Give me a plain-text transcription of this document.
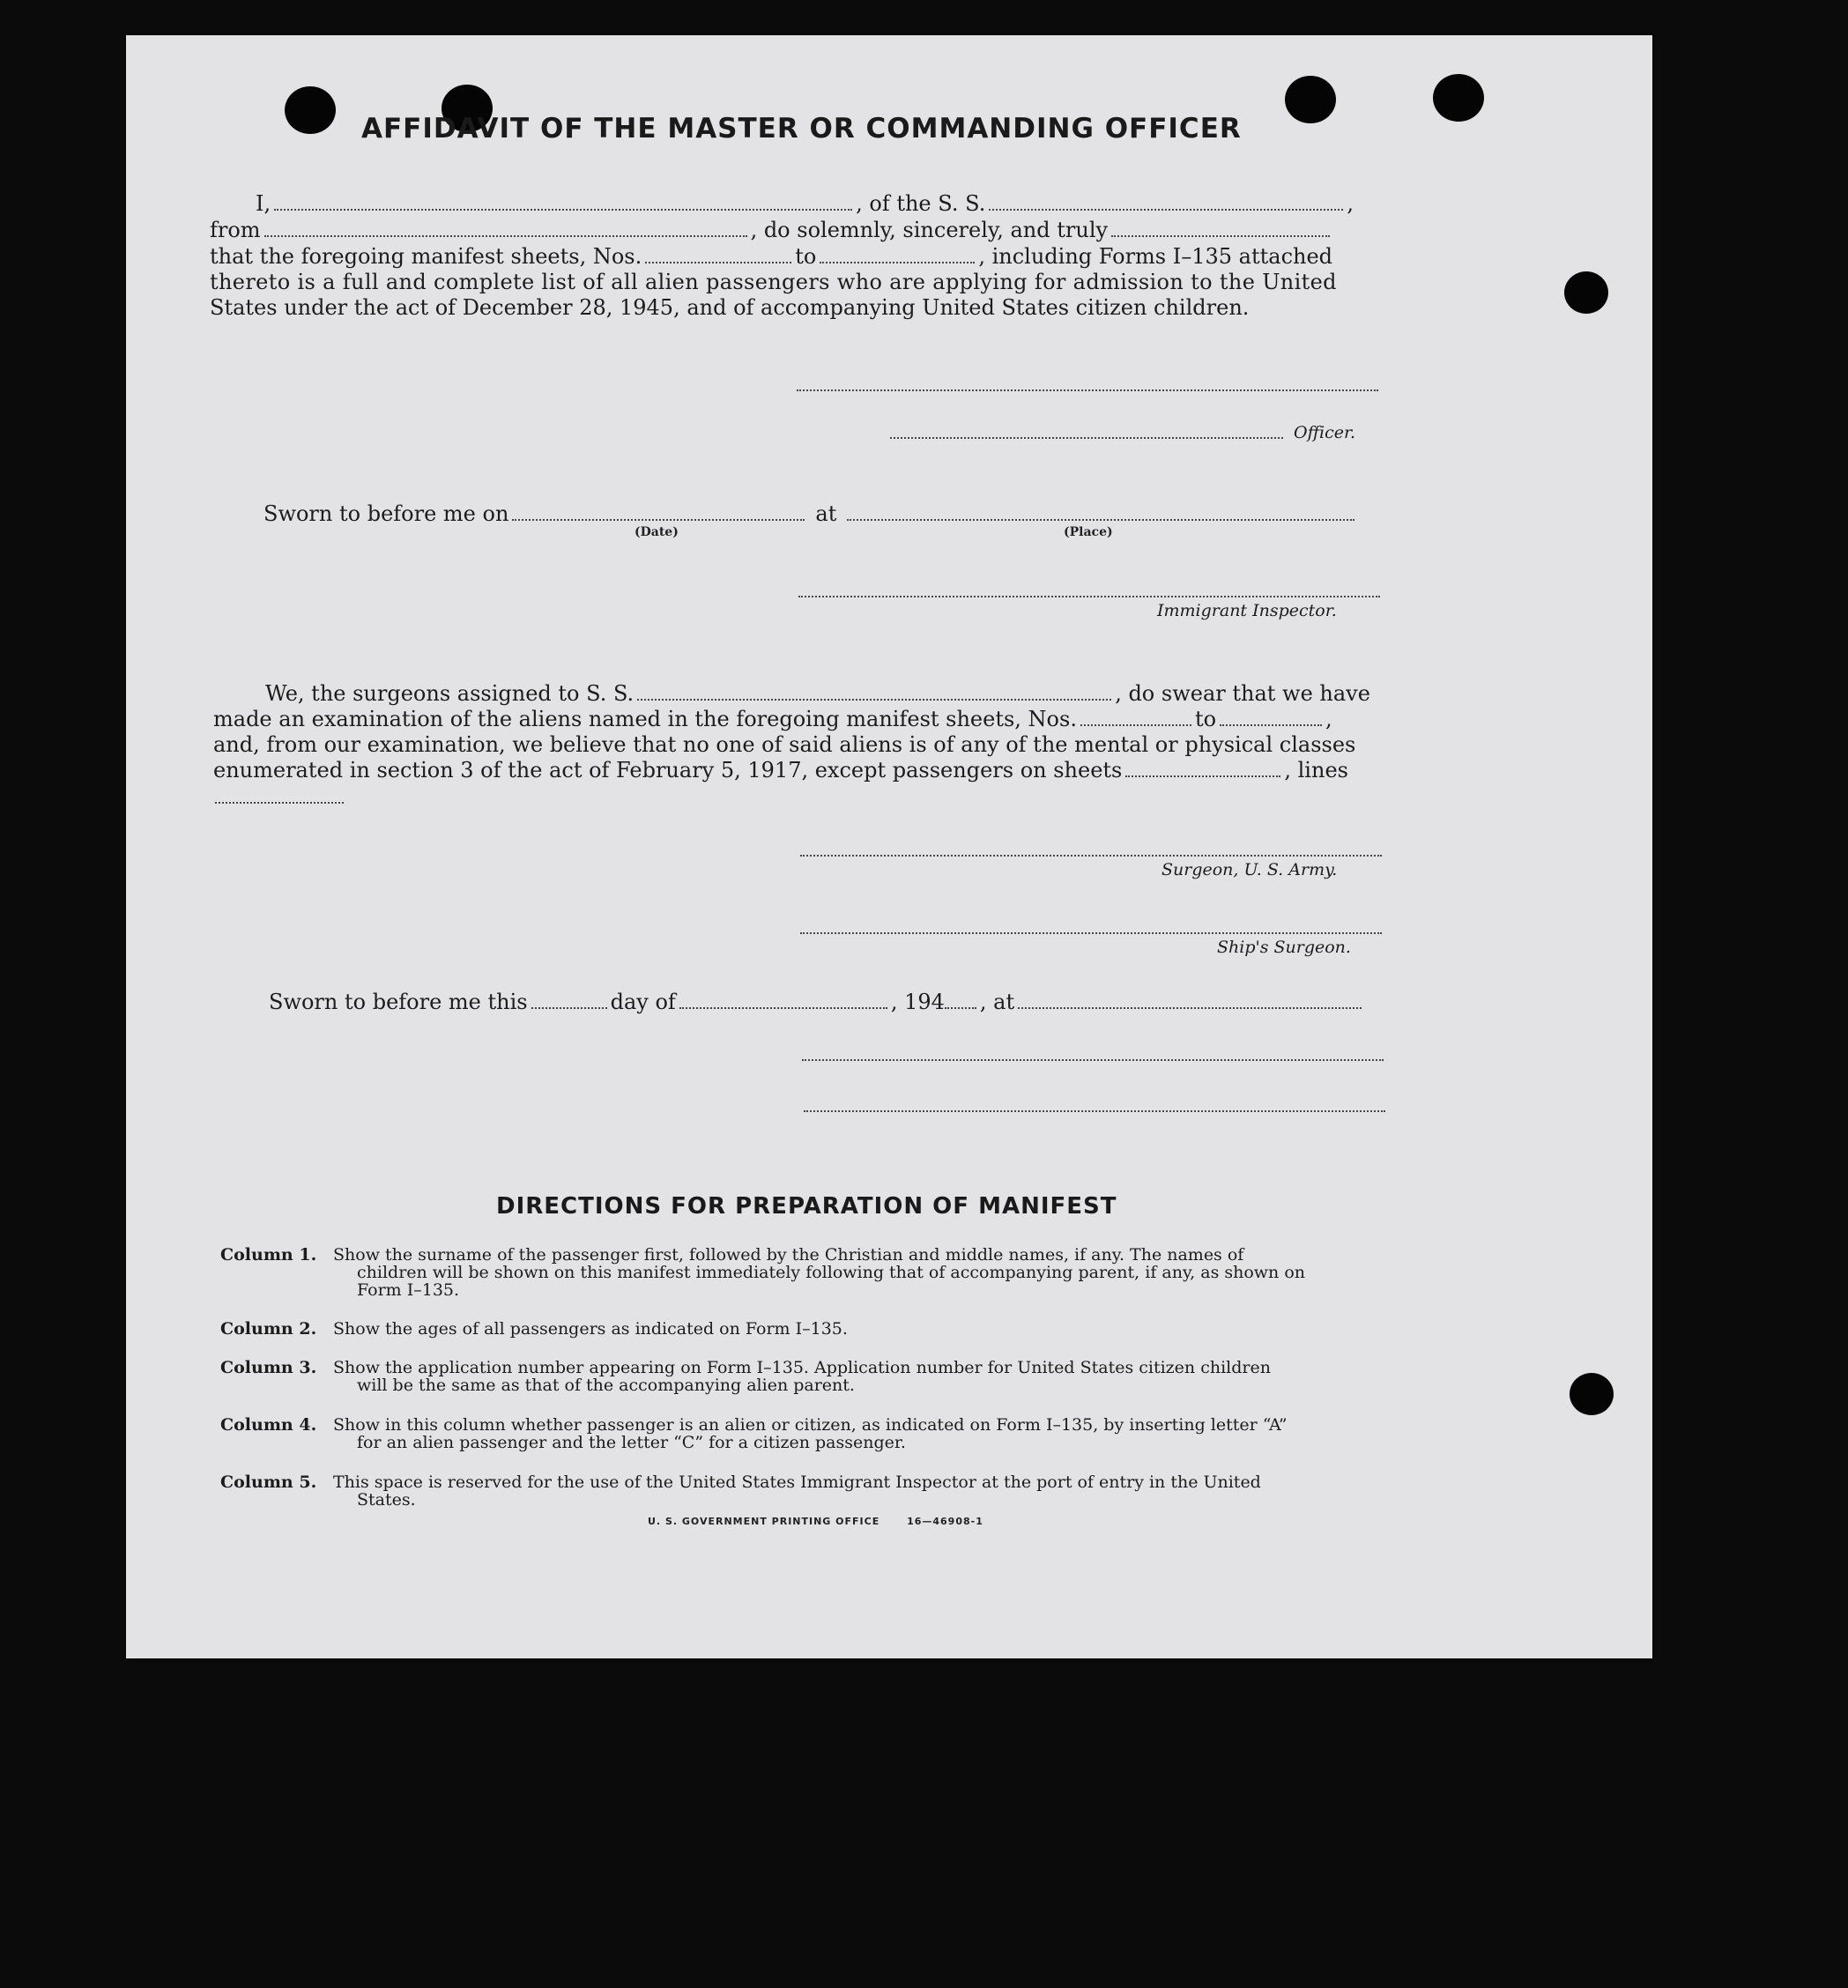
AFFIDAVIT OF THE MASTER OR COMMANDING OFFICER
I,	, of the S. S.	,
from	, do solemnly, sincerely, and truly
that the foregoing manifest sheets, Nos.	to	, including Forms I–135 attached
thereto is a full and complete list of all alien passengers who are applying for admission to the United
States under the act of December 28, 1945, and of accompanying United States citizen children.
Officer.
Sworn to before me on	at
(Date)	(Place)
Immigrant Inspector.
We, the surgeons assigned to S. S.	, do swear that we have
made an examination of the aliens named in the foregoing manifest sheets, Nos.	to	,
and, from our examination, we believe that no one of said aliens is of any of the mental or physical classes
enumerated in section 3 of the act of February 5, 1917, except passengers on sheets	, lines
Surgeon, U. S. Army.
Ship's Surgeon.
Sworn to before me this	day of	, 194 , at
DIRECTIONS FOR PREPARATION OF MANIFEST
Column 1. Show the surname of the passenger first, followed by the Christian and middle names, if any. The names of
children will be shown on this manifest immediately following that of accompanying parent, if any, as shown on Form I–135.
Column 2. Show the ages of all passengers as indicated on Form I–135.
Column 3. Show the application number appearing on Form I–135. Application number for United States citizen children
will be the same as that of the accompanying alien parent.
Column 4. Show in this column whether passenger is an alien or citizen, as indicated on Form I–135, by inserting letter “A”
for an alien passenger and the letter “C” for a citizen passenger.
Column 5. This space is reserved for the use of the United States Immigrant Inspector at the port of entry in the United
States.
U. S. GOVERNMENT PRINTING OFFICE	16—46908-1
